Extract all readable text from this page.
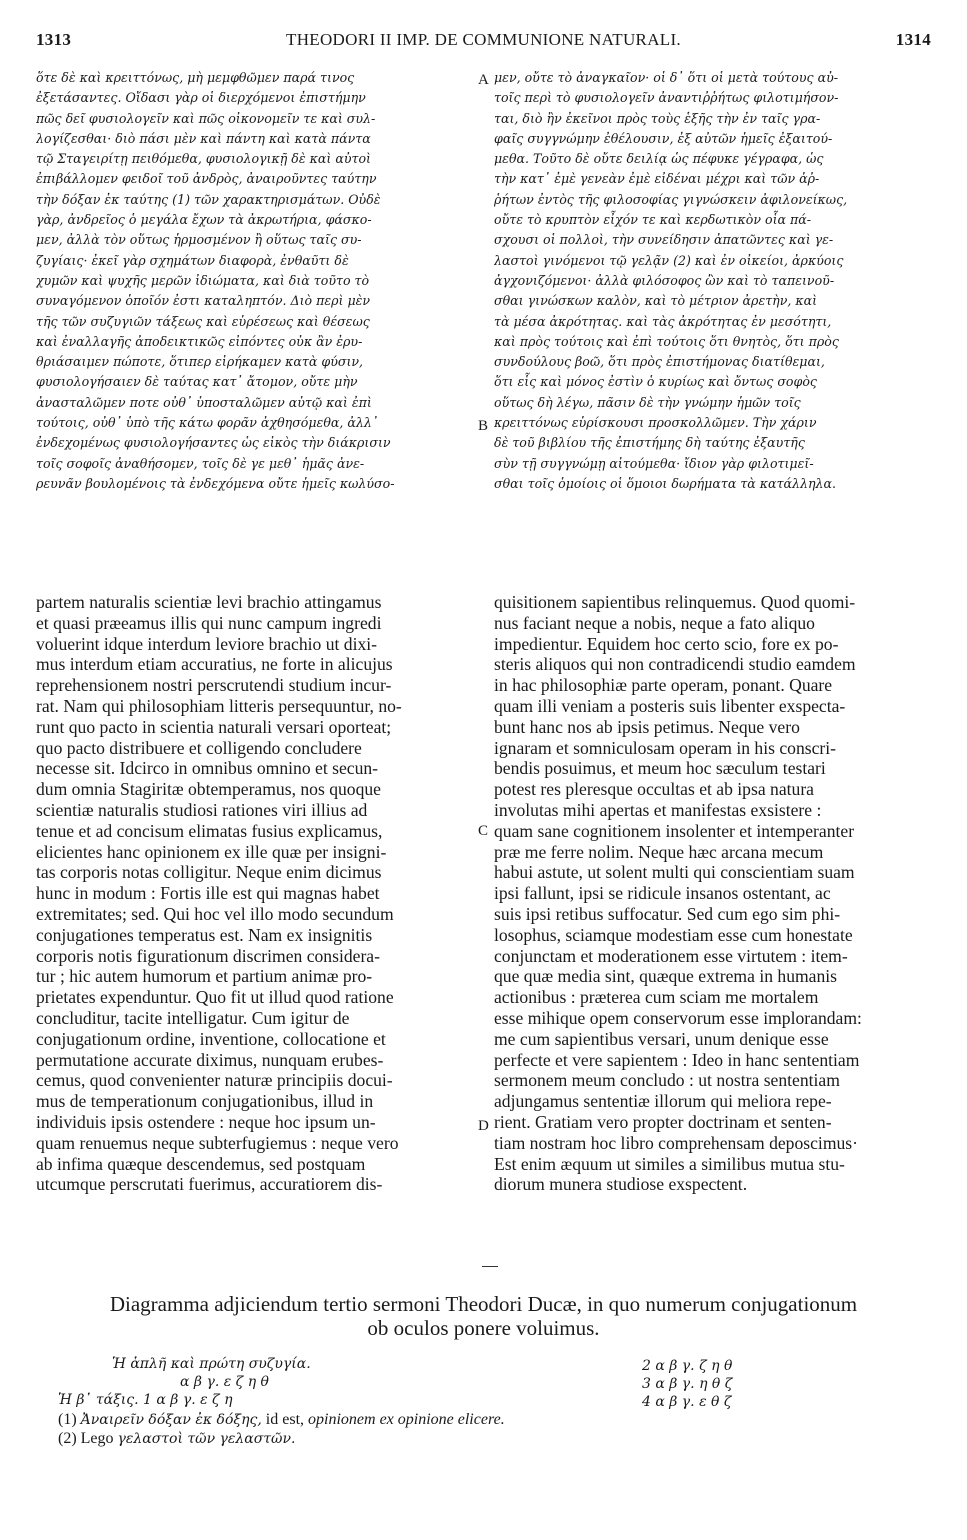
1313	THEODORI II IMP. DE COMMUNIONE NATURALI.	1314
ὅτε δὲ καὶ κρειττόνως, μὴ μεμφθῶμεν παρά τινος
ἐξετάσαντες. Οἴδασι γὰρ οἱ διερχόμενοι ἐπιστήμην
πῶς δεῖ φυσιολογεῖν καὶ πῶς οἰκονομεῖν τε καὶ συλ-
λογίζεσθαι· διὸ πάσι μὲν καὶ πάντη καὶ κατὰ πάντα
τῷ Σταγειρίτῃ πειθόμεθα, φυσιολογικῇ δὲ καὶ αὐτοὶ
ἐπιβάλλομεν φειδοῖ τοῦ ἀνδρὸς, ἀναιροῦντες ταύτην
τὴν δόξαν ἐκ ταύτης (1) τῶν χαρακτηρισμάτων. Οὐδὲ
γὰρ, ἀνδρεῖος ὁ μεγάλα ἔχων τὰ ἀκρωτήρια, φάσκο-
μεν, ἀλλὰ τὸν οὕτως ἡρμοσμένον ἢ οὕτως ταῖς συ-
ζυγίαις· ἐκεῖ γὰρ σχημάτων διαφορὰ, ἐνθαῦτι δὲ
χυμῶν καὶ ψυχῆς μερῶν ἰδιώματα, καὶ διὰ τοῦτο τὸ
συναγόμενον ὁποῖόν ἐστι καταληπτόν. Διὸ περὶ μὲν
τῆς τῶν συζυγιῶν τάξεως καὶ εὑρέσεως καὶ θέσεως
καὶ ἐναλλαγῆς ἀποδεικτικῶς εἰπόντες οὐκ ἂν ἐρυ-
θριάσαιμεν πώποτε, ὅτιπερ εἰρήκαμεν κατὰ φύσιν,
φυσιολογήσαιεν δὲ ταύτας κατ᾽ ἄτομον, οὔτε μὴν
ἀνασταλῶμεν ποτε οὐθ᾽ ὑποσταλῶμεν αὐτῷ καὶ ἐπὶ
τούτοις, οὐθ᾽ ὑπὸ τῆς κάτω φορᾶν ἀχθησόμεθα, ἀλλ᾽
ἐνδεχομένως φυσιολογήσαντες ὡς εἰκὸς τὴν διάκρισιν
τοῖς σοφοῖς ἀναθήσομεν, τοῖς δὲ γε μεθ᾽ ἡμᾶς ἀνε-
ρευνᾶν βουλομένοις τὰ ἐνδεχόμενα οὔτε ἡμεῖς κωλύσο-
μεν, οὔτε τὸ ἀναγκαῖον· οἱ δ᾽ ὅτι οἱ μετὰ τούτους αὐ-
τοῖς περὶ τὸ φυσιολογεῖν ἀναντιῤῥήτως φιλοτιμήσον-
ται, διὸ ἢν ἐκεῖνοι πρὸς τοὺς ἑξῆς τὴν ἐν ταῖς γρα-
φαῖς συγγνώμην ἐθέλουσιν, ἐξ αὐτῶν ἡμεῖς ἐξαιτού-
μεθα. Τοῦτο δὲ οὔτε δειλίᾳ ὡς πέφυκε γέγραφα, ὡς
τὴν κατ᾽ ἐμὲ γενεὰν ἐμὲ εἰδέναι μέχρι καὶ τῶν ἀῤ-
ῥήτων ἐντὸς τῆς φιλοσοφίας γιγνώσκειν ἀφιλονείκως,
οὔτε τὸ κρυπτὸν εἶχόν τε καὶ κερδωτικὸν οἷα πά-
σχουσι οἱ πολλοὶ, τὴν συνείδησιν ἀπατῶντες καὶ γε-
λαστοὶ γινόμενοι τῷ γελᾷν (2) καὶ ἐν οἰκείοι, ἀρκύοις
ἀγχονιζόμενοι· ἀλλὰ φιλόσοφος ὢν καὶ τὸ ταπεινοῦ-
σθαι γινώσκων καλὸν, καὶ τὸ μέτριον ἀρετὴν, καὶ
τὰ μέσα ἀκρότητας. καὶ τὰς ἀκρότητας ἐν μεσότητι,
καὶ πρὸς τούτοις καὶ ἐπὶ τούτοις ὅτι θνητὸς, ὅτι πρὸς
συνδούλους βοῶ, ὅτι πρὸς ἐπιστήμονας διατίθεμαι,
ὅτι εἷς καὶ μόνος ἐστὶν ὁ κυρίως καὶ ὄντως σοφὸς
οὕτως δὴ λέγω, πᾶσιν δὲ τὴν γνώμην ἡμῶν τοῖς
κρειττόνως εὑρίσκουσι προσκολλῶμεν. Τὴν χάριν
δὲ τοῦ βιβλίου τῆς ἐπιστήμης δὴ ταύτης ἐξαυτῆς
σὺν τῇ συγγνώμῃ αἰτούμεθα· ἴδιον γὰρ φιλοτιμεῖ-
σθαι τοῖς ὁμοίοις οἱ ὅμοιοι δωρήματα τὰ κατάλληλα.
A
B
C
D
partem naturalis scientiæ levi brachio attingamus
et quasi præeamus illis qui nunc campum ingredi
voluerint idque interdum leviore brachio ut dixi-
mus interdum etiam accuratius, ne forte in alicujus
reprehensionem nostri perscrutendi studium incur-
rat. Nam qui philosophiam litteris persequuntur, no-
runt quo pacto in scientia naturali versari oporteat;
quo pacto distribuere et colligendo concludere
necesse sit. Idcirco in omnibus omnino et secun-
dum omnia Stagiritæ obtemperamus, nos quoque
scientiæ naturalis studiosi rationes viri illius ad
tenue et ad concisum elimatas fusius explicamus,
elicientes hanc opinionem ex ille quæ per insigni-
tas corporis notas colligitur. Neque enim dicimus
hunc in modum : Fortis ille est qui magnas habet
extremitates; sed. Qui hoc vel illo modo secundum
conjugationes temperatus est. Nam ex insignitis
corporis notis figurationum discrimen considera-
tur ; hic autem humorum et partium animæ pro-
prietates expenduntur. Quo fit ut illud quod ratione
concluditur, tacite intelligatur. Cum igitur de
conjugationum ordine, inventione, collocatione et
permutatione accurate diximus, nunquam erubes-
cemus, quod convenienter naturæ principiis docui-
mus de temperationum conjugationibus, illud in
individuis ipsis ostendere : neque hoc ipsum un-
quam renuemus neque subterfugiemus : neque vero
ab infima quæque descendemus, sed postquam
utcumque perscrutati fuerimus, accuratiorem dis-
quisitionem sapientibus relinquemus. Quod quomi-
nus faciant neque a nobis, neque a fato aliquo
impedientur. Equidem hoc certo scio, fore ex po-
steris aliquos qui non contradicendi studio eamdem
in hac philosophiæ parte operam, ponant. Quare
quam illi veniam a posteris suis libenter exspecta-
bunt hanc nos ab ipsis petimus. Neque vero
ignaram et somniculosam operam in his conscri-
bendis posuimus, et meum hoc sæculum testari
potest res pleresque occultas et ab ipsa natura
involutas mihi apertas et manifestas exsistere :
quam sane cognitionem insolenter et intemperanter
præ me ferre nolim. Neque hæc arcana mecum
habui astute, ut solent multi qui conscientiam suam
ipsi fallunt, ipsi se ridicule insanos ostentant, ac
suis ipsi retibus suffocatur. Sed cum ego sim phi-
losophus, sciamque modestiam esse cum honestate
conjunctam et moderationem esse virtutem : item-
que quæ media sint, quæque extrema in humanis
actionibus : præterea cum sciam me mortalem
esse mihique opem conservorum esse implorandam:
me cum sapientibus versari, unum denique esse
perfecte et vere sapientem : Ideo in hanc sententiam
sermonem meum concludo : ut nostra sententiam
adjungamus sententiæ illorum qui meliora repe-
rient. Gratiam vero propter doctrinam et senten-
tiam nostram hoc libro comprehensam deposcimus·
Est enim æquum ut similes a similibus mutua stu-
diorum munera studiose exspectent.
Diagramma adjiciendum tertio sermoni Theodori Ducæ, in quo numerum conjugationum
ob oculos ponere voluimus.
Ἡ ἁπλῆ καὶ πρώτη συζυγία.
α β γ. ε ζ η θ
Ἡ β᾽ τάξις. 1 α β γ. ε ζ η
2 α β γ. ζ η θ
3 α β γ. η θ ζ
4 α β γ. ε θ ζ
(1) Ἀναιρεῖν δόξαν ἐκ δόξης, id est, opinionem ex opinione elicere.
(2) Lego γελαστοὶ τῶν γελαστῶν.
